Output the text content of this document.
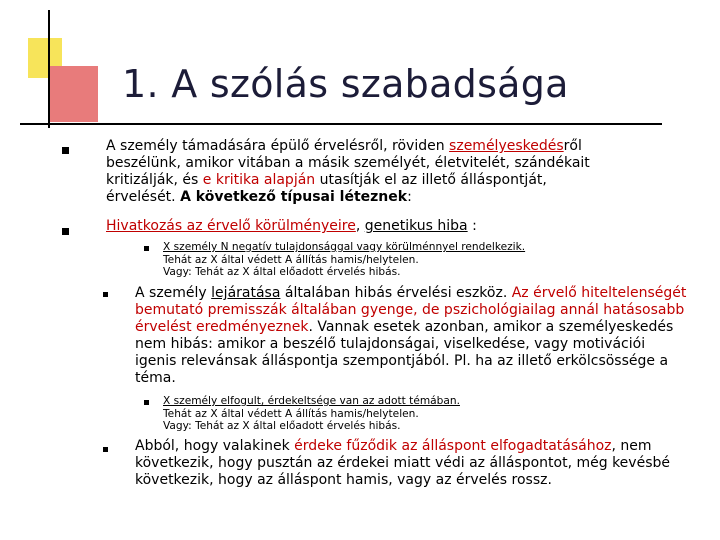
1. A szólás szabadsága
A személy támadására épülő érvelésről, röviden személyeskedésről
beszélünk, amikor vitában a másik személyét, életvitelét, szándékait
kritizálják, és e kritika alapján utasítják el az illető álláspontját,
érvelését. A következő típusai léteznek:
Hivatkozás az érvelő körülményeire, genetikus hiba :
X személy N negatív tulajdonsággal vagy körülménnyel rendelkezik.
Tehát az X által védett A állítás hamis/helytelen.
Vagy: Tehát az X által előadott érvelés hibás.
A személy lejáratása általában hibás érvelési eszköz. Az érvelő hiteltelenségét
bemutató premisszák általában gyenge, de pszichológiailag annál hatásosabb
érvelést eredményeznek. Vannak esetek azonban, amikor a személyeskedés
nem hibás: amikor a beszélő tulajdonságai, viselkedése, vagy motivációi
igenis relevánsak álláspontja szempontjából. Pl. ha az illető erkölcsössége a
téma.
X személy elfogult, érdekeltsége van az adott témában.
Tehát az X által védett A állítás hamis/helytelen.
Vagy: Tehát az X által előadott érvelés hibás.
Abból, hogy valakinek érdeke fűződik az álláspont elfogadtatásához, nem
következik, hogy pusztán az érdekei miatt védi az álláspontot, még kevésbé
következik, hogy az álláspont hamis, vagy az érvelés rossz.
